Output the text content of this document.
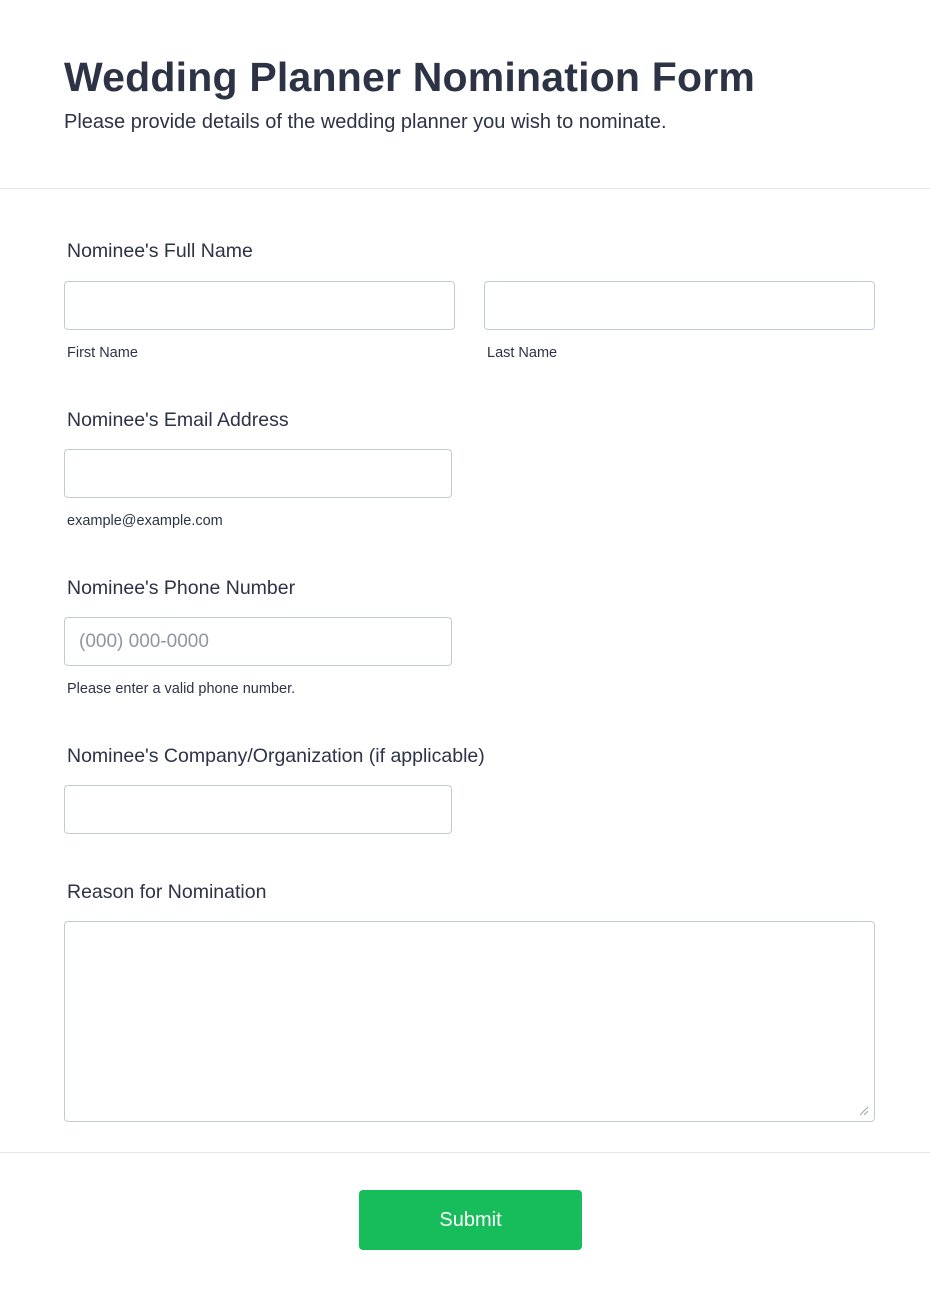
Wedding Planner Nomination Form

Please provide details of the wedding planner you wish to nominate.

Nominee's Full Name
First Name	Last Name
Nominee's Email Address
example@example.com
Nominee's Phone Number
(000) 000-0000
Please enter a valid phone number.
Nominee's Company/Organization (if applicable)
Reason for Nomination
Submit
